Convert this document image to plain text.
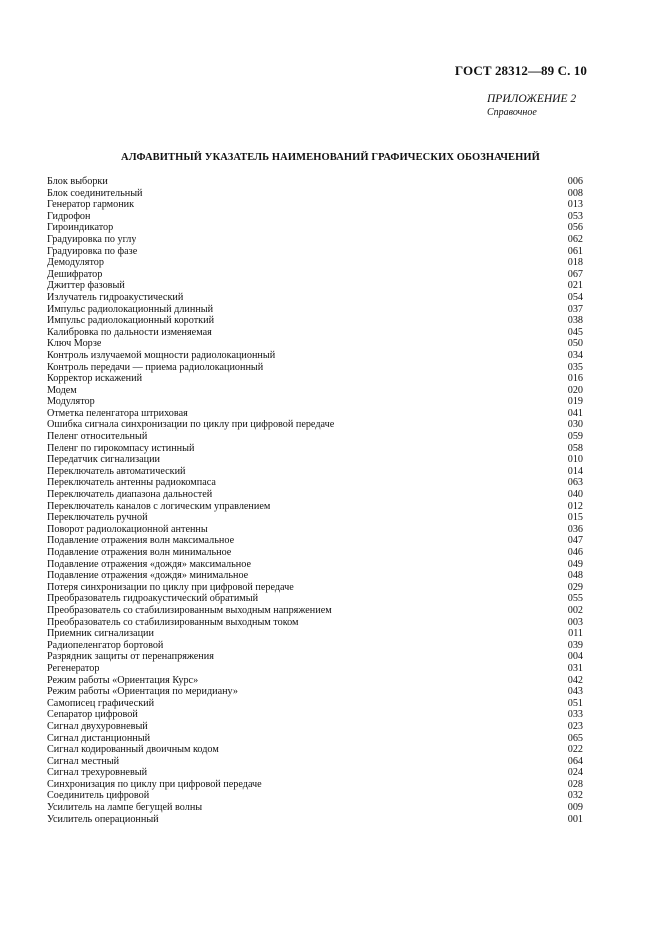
ГОСТ 28312—89 С. 10
ПРИЛОЖЕНИЕ 2
Справочное
АЛФАВИТНЫЙ УКАЗАТЕЛЬ НАИМЕНОВАНИЙ ГРАФИЧЕСКИХ ОБОЗНАЧЕНИЙ
Блок выборки	006
Блок соединительный	008
Генератор гармоник	013
Гидрофон	053
Гироиндикатор	056
Градуировка по углу	062
Градуировка по фазе	061
Демодулятор	018
Дешифратор	067
Джиттер фазовый	021
Излучатель гидроакустический	054
Импульс радиолокационный длинный	037
Импульс радиолокационный короткий	038
Калибровка по дальности изменяемая	045
Ключ Морзе	050
Контроль излучаемой мощности радиолокационный	034
Контроль передачи — приема радиолокационный	035
Корректор искажений	016
Модем	020
Модулятор	019
Отметка пеленгатора штриховая	041
Ошибка сигнала синхронизации по циклу при цифровой передаче	030
Пеленг относительный	059
Пеленг по гирокомпасу истинный	058
Передатчик сигнализации	010
Переключатель автоматический	014
Переключатель антенны радиокомпаса	063
Переключатель диапазона дальностей	040
Переключатель каналов с логическим управлением	012
Переключатель ручной	015
Поворот радиолокационной антенны	036
Подавление отражения волн максимальное	047
Подавление отражения волн минимальное	046
Подавление отражения «дождя» максимальное	049
Подавление отражения «дождя» минимальное	048
Потеря синхронизации по циклу при цифровой передаче	029
Преобразователь гидроакустический обратимый	055
Преобразователь со стабилизированным выходным напряжением	002
Преобразователь со стабилизированным выходным током	003
Приемник сигнализации	011
Радиопеленгатор бортовой	039
Разрядник защиты от перенапряжения	004
Регенератор	031
Режим работы «Ориентация Курс»	042
Режим работы «Ориентация по меридиану»	043
Самописец графический	051
Сепаратор цифровой	033
Сигнал двухуровневый	023
Сигнал дистанционный	065
Сигнал кодированный двоичным кодом	022
Сигнал местный	064
Сигнал трехуровневый	024
Синхронизация по циклу при цифровой передаче	028
Соединитель цифровой	032
Усилитель на лампе бегущей волны	009
Усилитель операционный	001
